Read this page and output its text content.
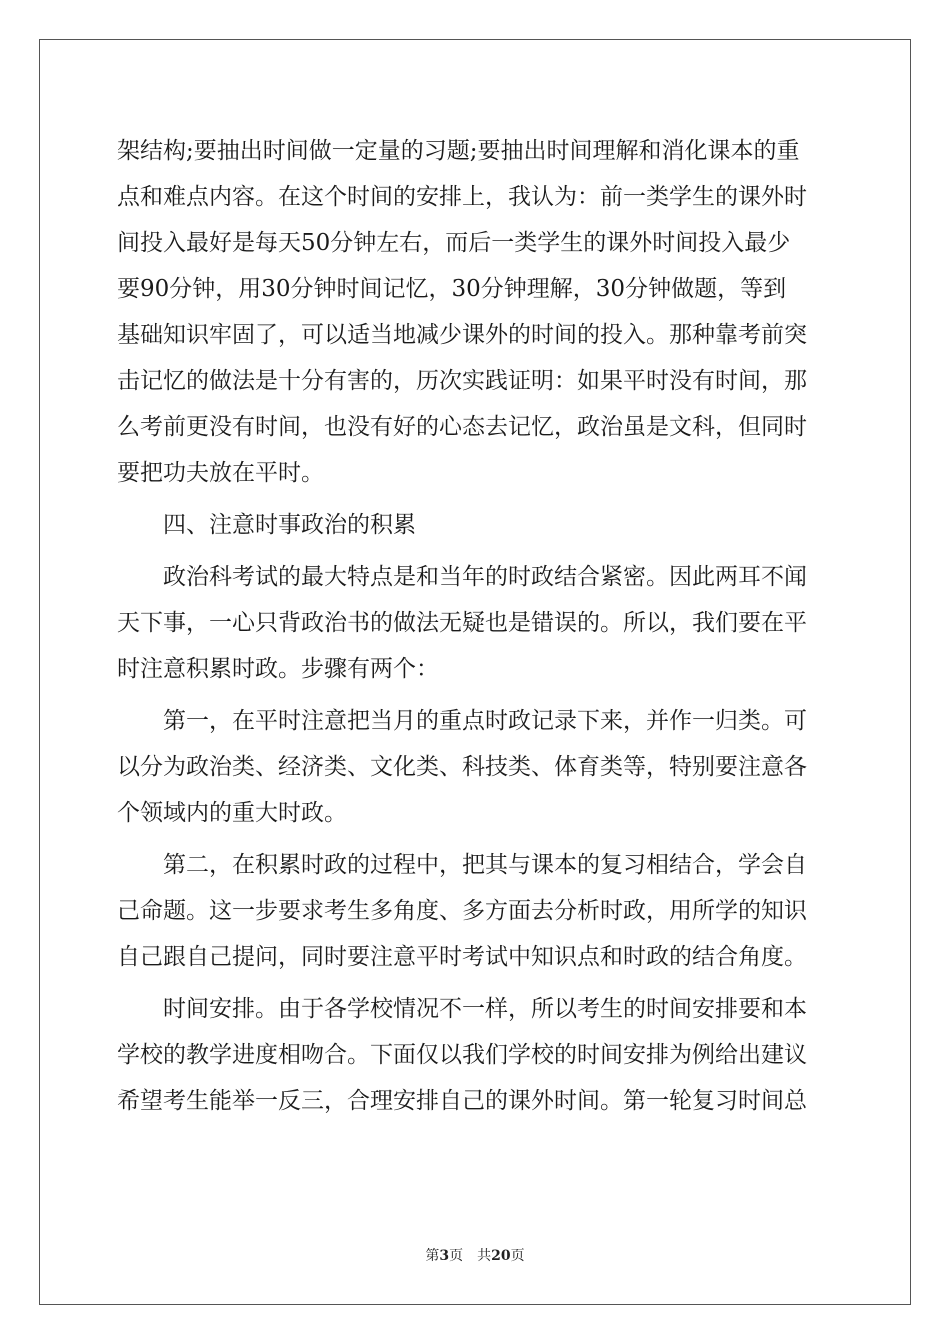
架结构;要抽出时间做一定量的习题;要抽出时间理解和消化课本的重
点和难点内容。在这个时间的安排上，我认为：前一类学生的课外时
间投入最好是每天50分钟左右，而后一类学生的课外时间投入最少
要90分钟，用30分钟时间记忆，30分钟理解，30分钟做题，等到
基础知识牢固了，可以适当地减少课外的时间的投入。那种靠考前突
击记忆的做法是十分有害的，历次实践证明：如果平时没有时间，那
么考前更没有时间，也没有好的心态去记忆，政治虽是文科，但同时
要把功夫放在平时。
　　四、注意时事政治的积累
　　政治科考试的最大特点是和当年的时政结合紧密。因此两耳不闻
天下事，一心只背政治书的做法无疑也是错误的。所以，我们要在平
时注意积累时政。步骤有两个：
　　第一，在平时注意把当月的重点时政记录下来，并作一归类。可
以分为政治类、经济类、文化类、科技类、体育类等，特别要注意各
个领域内的重大时政。
　　第二，在积累时政的过程中，把其与课本的复习相结合，学会自
己命题。这一步要求考生多角度、多方面去分析时政，用所学的知识
自己跟自己提问，同时要注意平时考试中知识点和时政的结合角度。
　　时间安排。由于各学校情况不一样，所以考生的时间安排要和本
学校的教学进度相吻合。下面仅以我们学校的时间安排为例给出建议
希望考生能举一反三，合理安排自己的课外时间。第一轮复习时间总
第3页 共20页
